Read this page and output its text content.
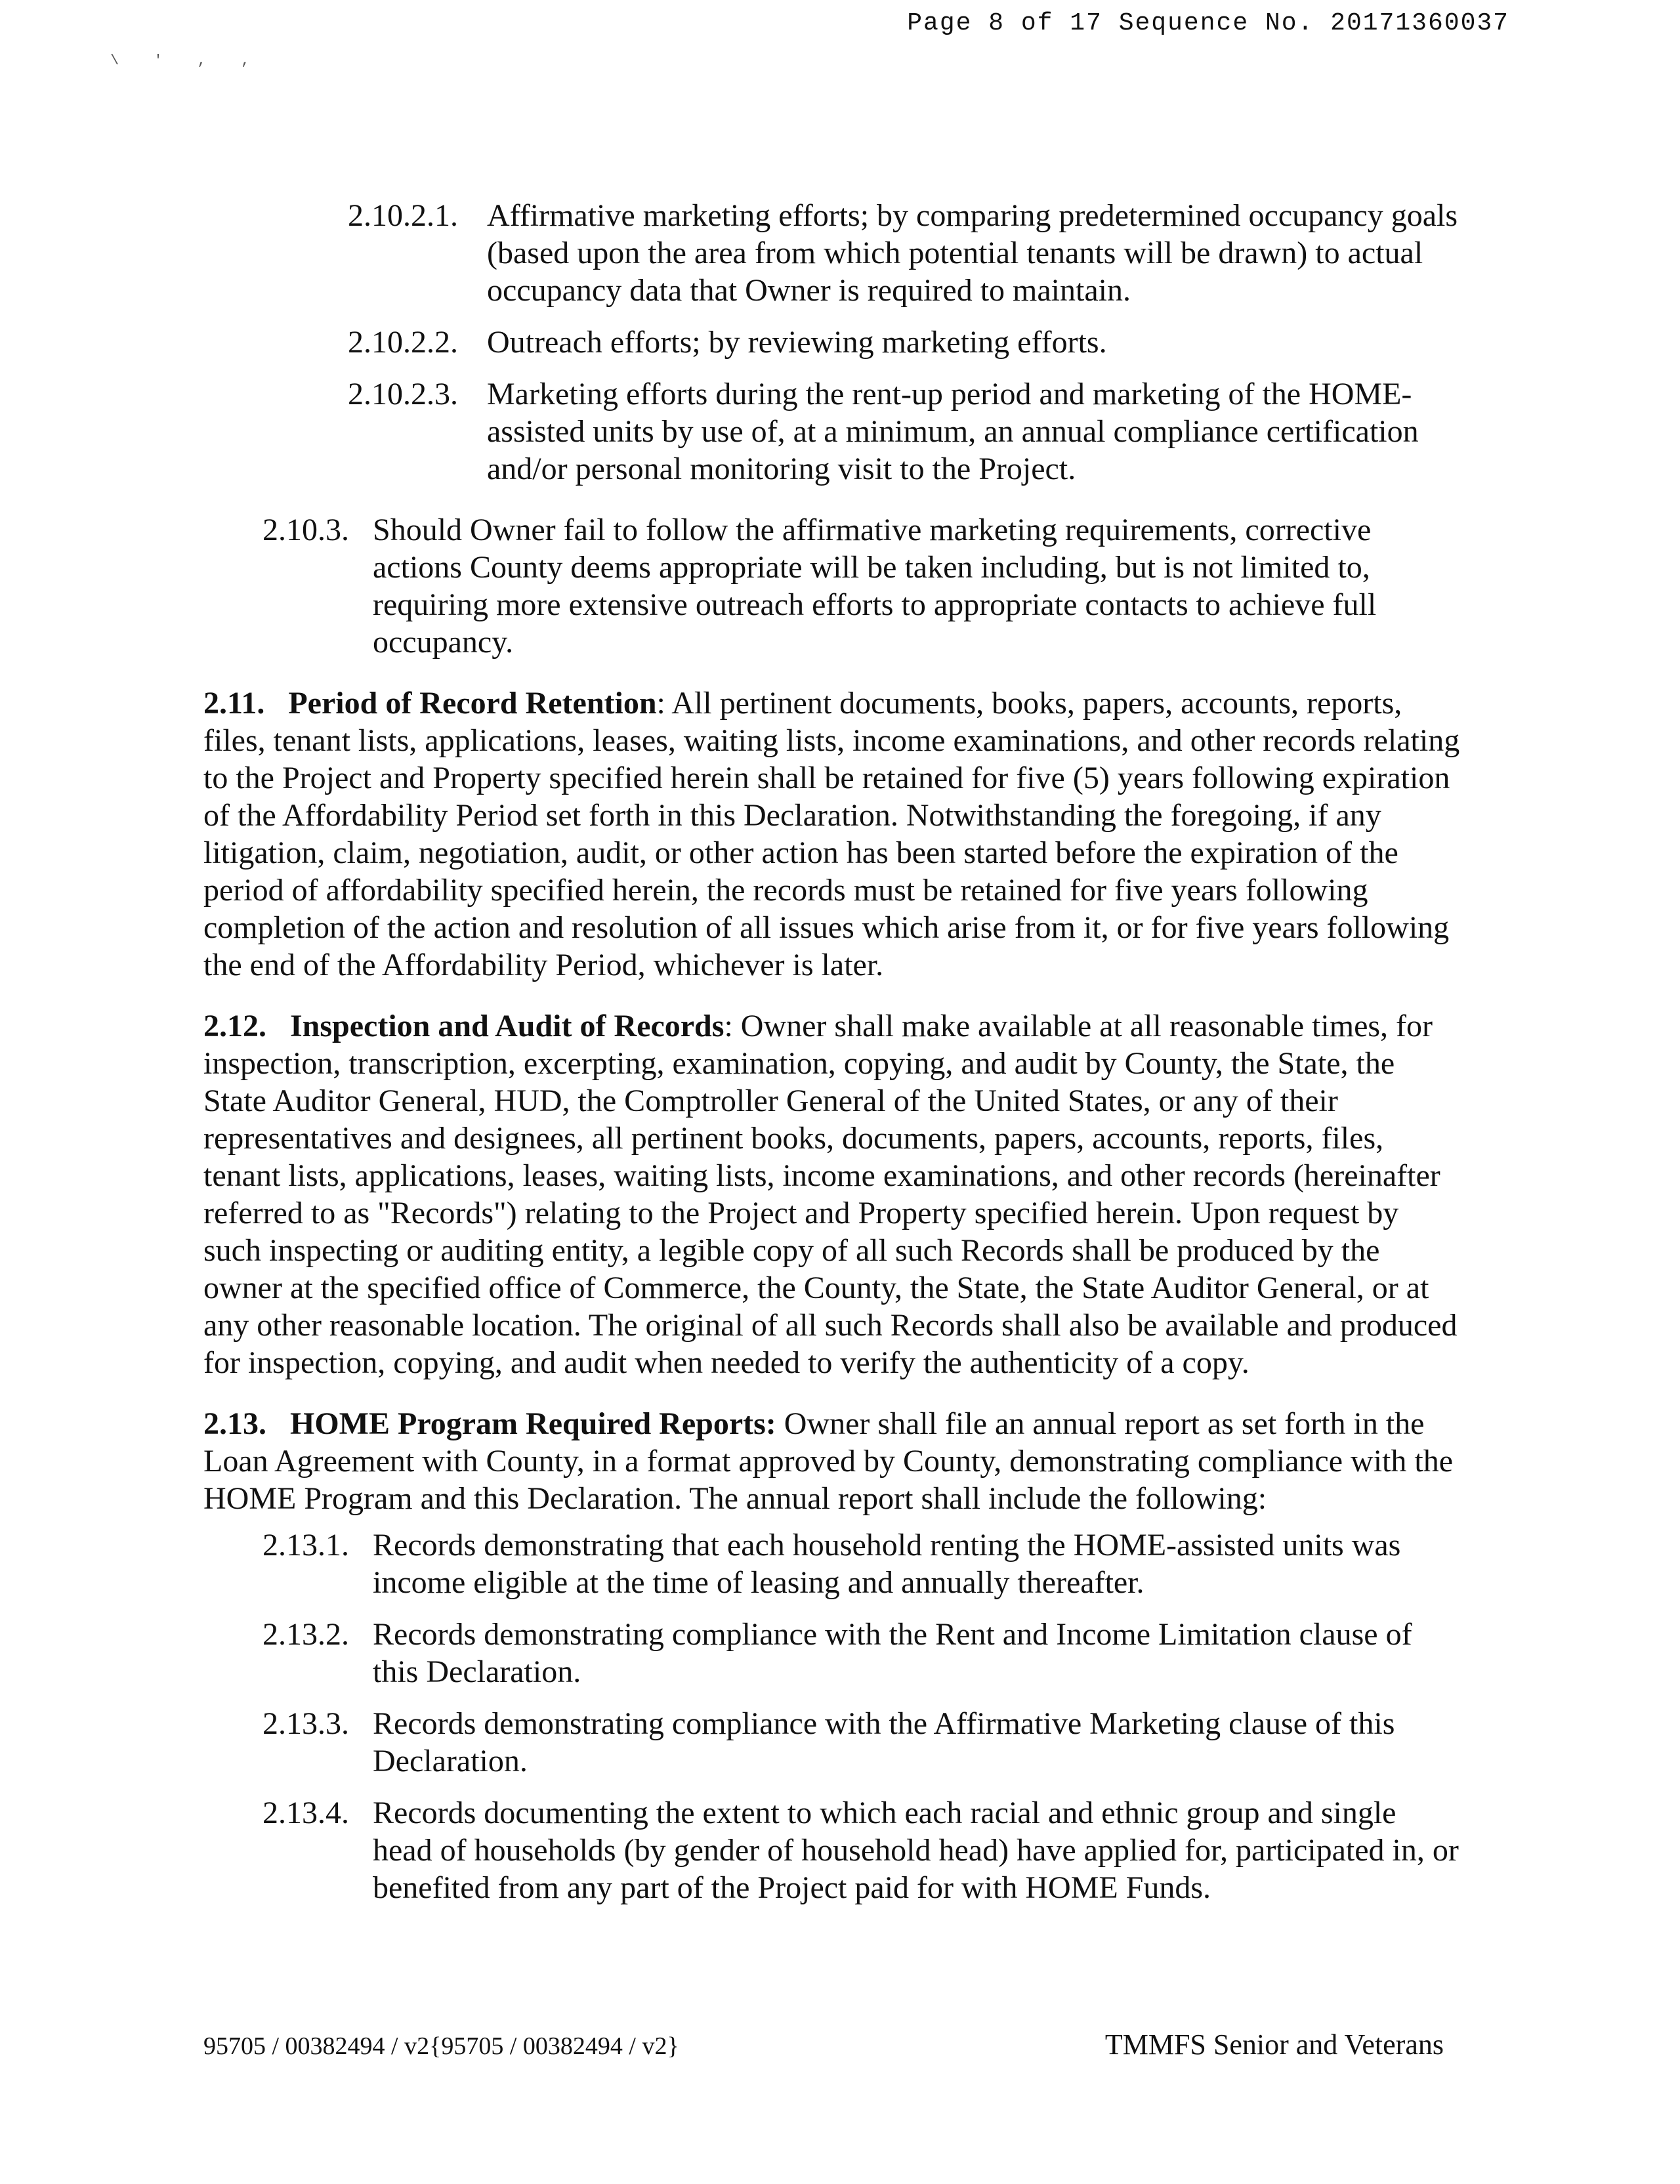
Page 8 of 17 Sequence No. 20171360037
\ ' , ,
2.10.2.1. Affirmative marketing efforts; by comparing predetermined occupancy goals (based upon the area from which potential tenants will be drawn) to actual occupancy data that Owner is required to maintain.
2.10.2.2. Outreach efforts; by reviewing marketing efforts.
2.10.2.3. Marketing efforts during the rent-up period and marketing of the HOME-assisted units by use of, at a minimum, an annual compliance certification and/or personal monitoring visit to the Project.
2.10.3. Should Owner fail to follow the affirmative marketing requirements, corrective actions County deems appropriate will be taken including, but is not limited to, requiring more extensive outreach efforts to appropriate contacts to achieve full occupancy.

2.11. Period of Record Retention: All pertinent documents, books, papers, accounts, reports, files, tenant lists, applications, leases, waiting lists, income examinations, and other records relating to the Project and Property specified herein shall be retained for five (5) years following expiration of the Affordability Period set forth in this Declaration. Notwithstanding the foregoing, if any litigation, claim, negotiation, audit, or other action has been started before the expiration of the period of affordability specified herein, the records must be retained for five years following completion of the action and resolution of all issues which arise from it, or for five years following the end of the Affordability Period, whichever is later.

2.12. Inspection and Audit of Records: Owner shall make available at all reasonable times, for inspection, transcription, excerpting, examination, copying, and audit by County, the State, the State Auditor General, HUD, the Comptroller General of the United States, or any of their representatives and designees, all pertinent books, documents, papers, accounts, reports, files, tenant lists, applications, leases, waiting lists, income examinations, and other records (hereinafter referred to as "Records") relating to the Project and Property specified herein. Upon request by such inspecting or auditing entity, a legible copy of all such Records shall be produced by the owner at the specified office of Commerce, the County, the State, the State Auditor General, or at any other reasonable location. The original of all such Records shall also be available and produced for inspection, copying, and audit when needed to verify the authenticity of a copy.

2.13. HOME Program Required Reports: Owner shall file an annual report as set forth in the Loan Agreement with County, in a format approved by County, demonstrating compliance with the HOME Program and this Declaration. The annual report shall include the following:

2.13.1. Records demonstrating that each household renting the HOME-assisted units was income eligible at the time of leasing and annually thereafter.
2.13.2. Records demonstrating compliance with the Rent and Income Limitation clause of this Declaration.
2.13.3. Records demonstrating compliance with the Affirmative Marketing clause of this Declaration.
2.13.4. Records documenting the extent to which each racial and ethnic group and single head of households (by gender of household head) have applied for, participated in, or benefited from any part of the Project paid for with HOME Funds.
95705 / 00382494 / v2{95705 / 00382494 / v2}	TMMFS Senior and Veterans
